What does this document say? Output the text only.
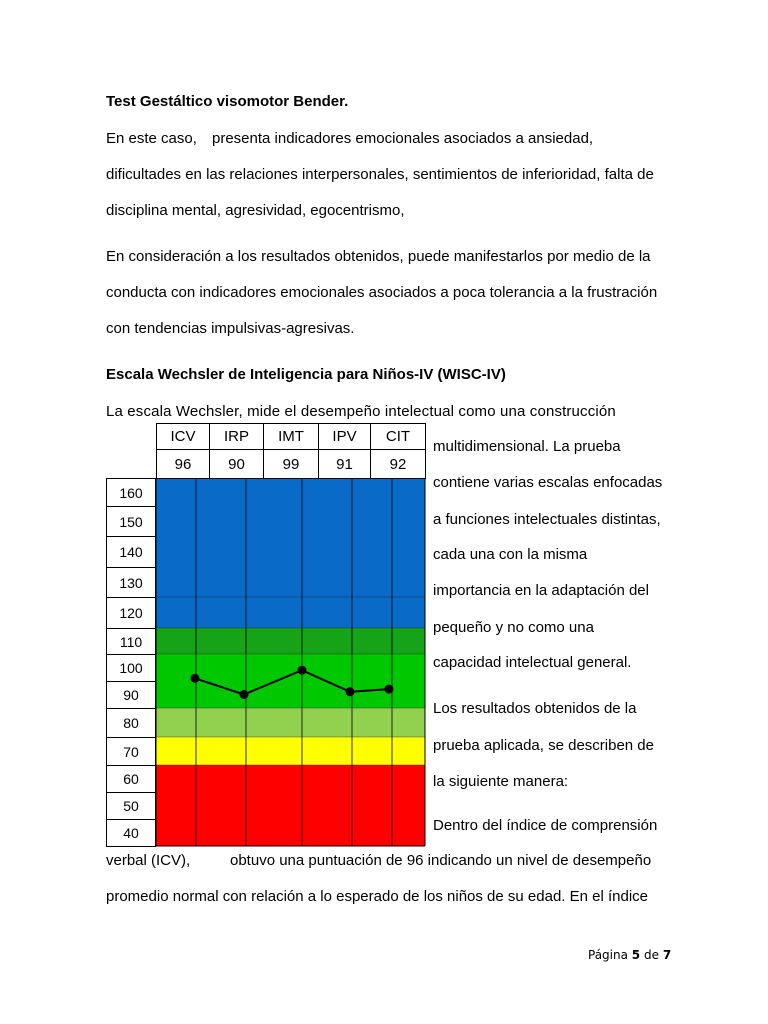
Test Gestáltico visomotor Bender.
En este caso, presenta indicadores emocionales asociados a ansiedad,
dificultades en las relaciones interpersonales, sentimientos de inferioridad, falta de
disciplina mental, agresividad, egocentrismo,
En consideración a los resultados obtenidos, puede manifestarlos por medio de la
conducta con indicadores emocionales asociados a poca tolerancia a la frustración
con tendencias impulsivas-agresivas.
Escala Wechsler de Inteligencia para Niños-IV (WISC-IV)
La escala Wechsler, mide el desempeño intelectual como una construcción
ICV
96
IRP
90
IMT
99
IPV
91
CIT
92
160
150
140
130
120
110
100
90
80
70
60
50
40
multidimensional. La prueba
contiene varias escalas enfocadas
a funciones intelectuales distintas,
cada una con la misma
importancia en la adaptación del
pequeño y no como una
capacidad intelectual general.
Los resultados obtenidos de la
prueba aplicada, se describen de
la siguiente manera:
Dentro del índice de comprensión
verbal (ICV),	obtuvo una puntuación de 96 indicando un nivel de desempeño
promedio normal con relación a lo esperado de los niños de su edad. En el índice
Página 5 de 7
